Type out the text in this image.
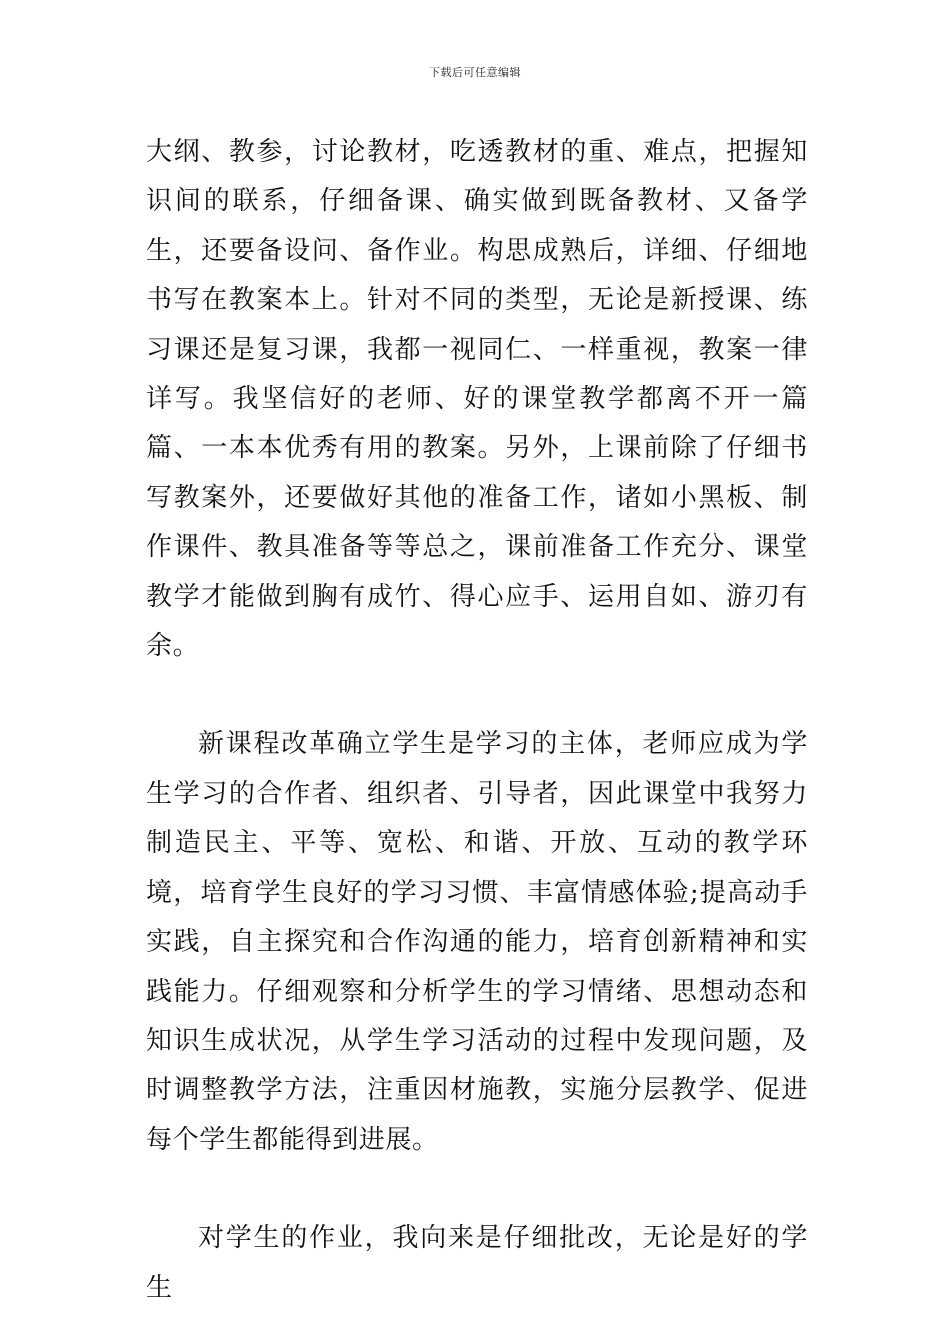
下载后可任意编辑

大纲、教参，讨论教材，吃透教材的重、难点，把握知识间的联系，仔细备课、确实做到既备教材、又备学生，还要备设问、备作业。构思成熟后，详细、仔细地书写在教案本上。针对不同的类型，无论是新授课、练习课还是复习课，我都一视同仁、一样重视，教案一律详写。我坚信好的老师、好的课堂教学都离不开一篇篇、一本本优秀有用的教案。另外，上课前除了仔细书写教案外，还要做好其他的准备工作，诸如小黑板、制作课件、教具准备等等总之，课前准备工作充分、课堂教学才能做到胸有成竹、得心应手、运用自如、游刃有余。

新课程改革确立学生是学习的主体，老师应成为学生学习的合作者、组织者、引导者，因此课堂中我努力制造民主、平等、宽松、和谐、开放、互动的教学环境，培育学生良好的学习习惯、丰富情感体验;提高动手实践，自主探究和合作沟通的能力，培育创新精神和实践能力。仔细观察和分析学生的学习情绪、思想动态和知识生成状况，从学生学习活动的过程中发现问题，及时调整教学方法，注重因材施教，实施分层教学、促进每个学生都能得到进展。

对学生的作业，我向来是仔细批改，无论是好的学生
